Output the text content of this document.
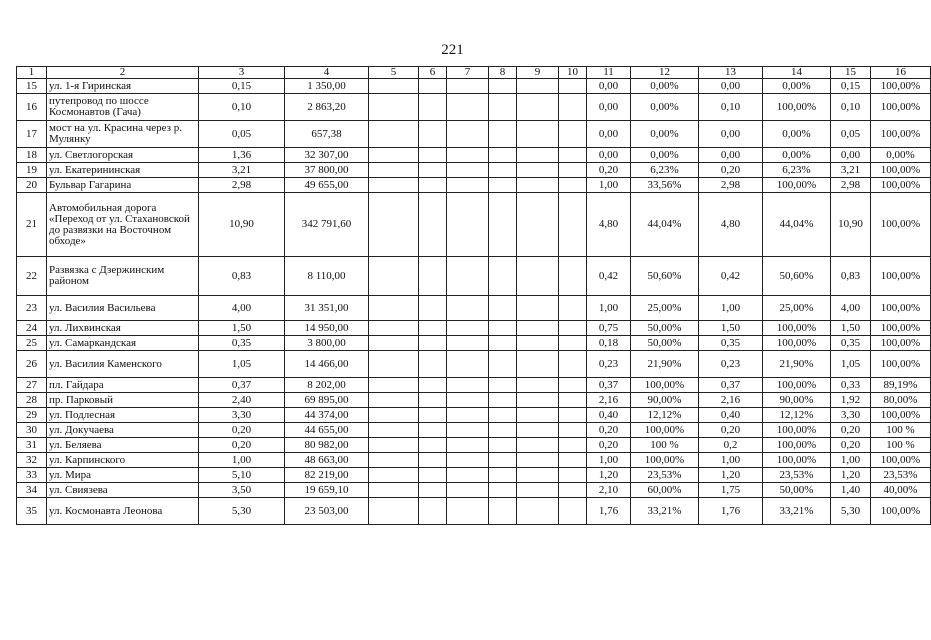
221
1	2	3	4	5	6	7	8	9	10	11	12	13	14	15	16
15	ул. 1-я Гиринская	0,15	1 350,00							0,00	0,00%	0,00	0,00%	0,15	100,00%
16	путепровод по шоссе Космонавтов (Гача)	0,10	2 863,20							0,00	0,00%	0,10	100,00%	0,10	100,00%
17	мост на ул. Красина через р. Мулянку	0,05	657,38							0,00	0,00%	0,00	0,00%	0,05	100,00%
18	ул. Светлогорская	1,36	32 307,00							0,00	0,00%	0,00	0,00%	0,00	0,00%
19	ул. Екатерининская	3,21	37 800,00							0,20	6,23%	0,20	6,23%	3,21	100,00%
20	Бульвар Гагарина	2,98	49 655,00							1,00	33,56%	2,98	100,00%	2,98	100,00%
21	Автомобильная дорога «Переход от ул. Стахановской до развязки на Восточном обходе»	10,90	342 791,60							4,80	44,04%	4,80	44,04%	10,90	100,00%
22	Развязка с Дзержинским районом	0,83	8 110,00							0,42	50,60%	0,42	50,60%	0,83	100,00%
23	ул. Василия Васильева	4,00	31 351,00							1,00	25,00%	1,00	25,00%	4,00	100,00%
24	ул. Лихвинская	1,50	14 950,00							0,75	50,00%	1,50	100,00%	1,50	100,00%
25	ул. Самаркандская	0,35	3 800,00							0,18	50,00%	0,35	100,00%	0,35	100,00%
26	ул. Василия Каменского	1,05	14 466,00							0,23	21,90%	0,23	21,90%	1,05	100,00%
27	пл. Гайдара	0,37	8 202,00							0,37	100,00%	0,37	100,00%	0,33	89,19%
28	пр. Парковый	2,40	69 895,00							2,16	90,00%	2,16	90,00%	1,92	80,00%
29	ул. Подлесная	3,30	44 374,00							0,40	12,12%	0,40	12,12%	3,30	100,00%
30	ул. Докучаева	0,20	44 655,00							0,20	100,00%	0,20	100,00%	0,20	100 %
31	ул. Беляева	0,20	80 982,00							0,20	100 %	0,2	100,00%	0,20	100 %
32	ул. Карпинского	1,00	48 663,00							1,00	100,00%	1,00	100,00%	1,00	100,00%
33	ул. Мира	5,10	82 219,00							1,20	23,53%	1,20	23,53%	1,20	23,53%
34	ул. Свиязева	3,50	19 659,10							2,10	60,00%	1,75	50,00%	1,40	40,00%
35	ул. Космонавта Леонова	5,30	23 503,00							1,76	33,21%	1,76	33,21%	5,30	100,00%
